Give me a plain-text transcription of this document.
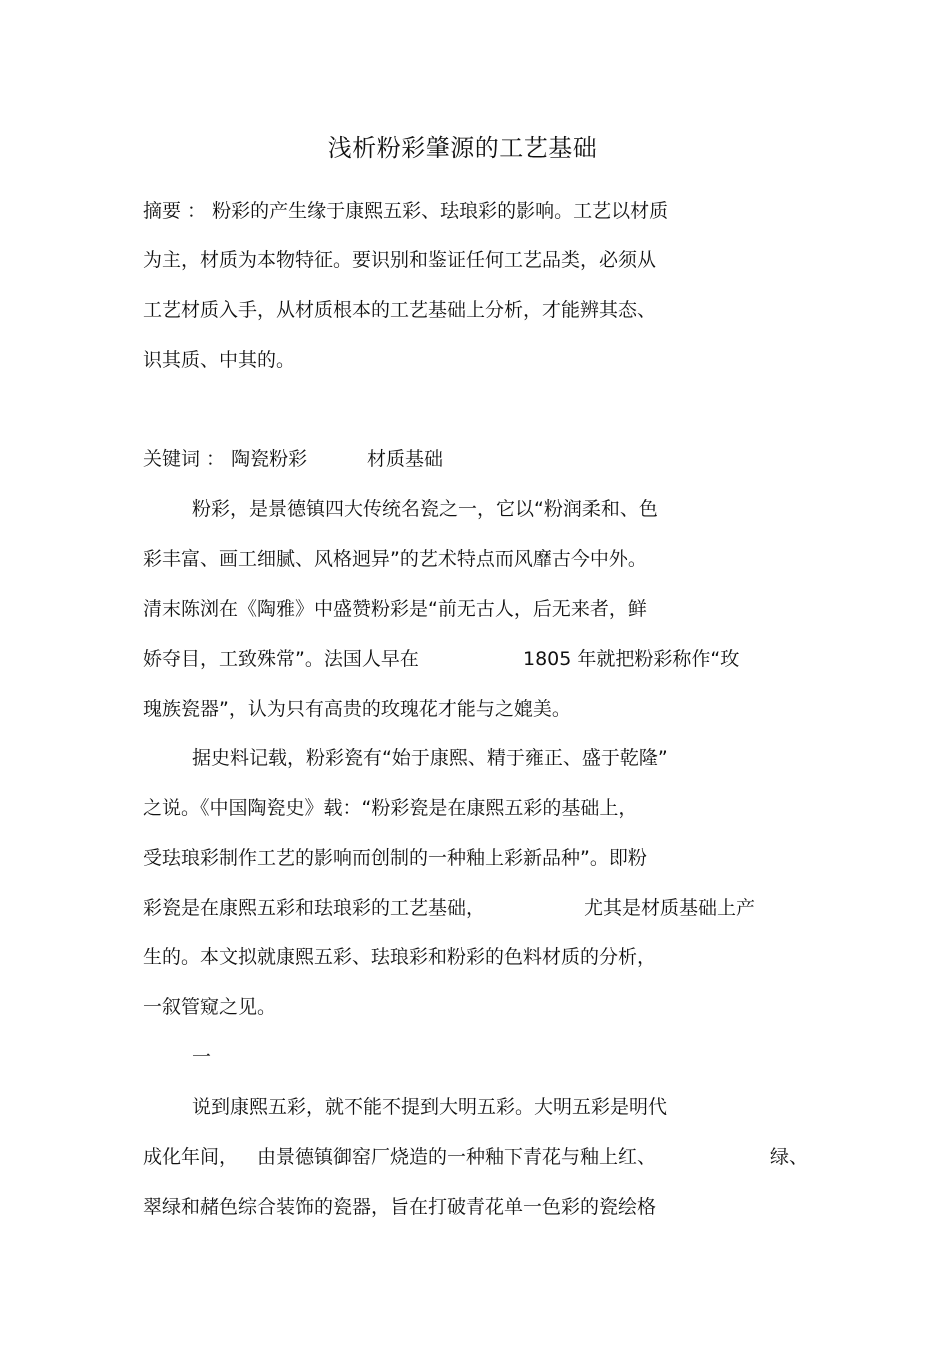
浅析粉彩肇源的工艺基础
摘要 ： 粉彩的产生缘于康熙五彩、珐琅彩的影响。工艺以材质
为主，材质为本物特征。要识别和鉴证任何工艺品类，必须从
工艺材质入手，从材质根本的工艺基础上分析，才能辨其态、
识其质、中其的。
关键词 ： 陶瓷粉彩	材质基础
粉彩，是景德镇四大传统名瓷之一，它以“粉润柔和、色
彩丰富、画工细腻、风格迥异”的艺术特点而风靡古今中外。
清末陈浏在《陶雅》中盛赞粉彩是“前无古人，后无来者，鲜
娇夺目，工致殊常”。法国人早在	1805 年就把粉彩称作“玫
瑰族瓷器”，认为只有高贵的玫瑰花才能与之媲美。
据史料记载，粉彩瓷有“始于康熙、精于雍正、盛于乾隆”
之说。《中国陶瓷史》载：“粉彩瓷是在康熙五彩的基础上，
受珐琅彩制作工艺的影响而创制的一种釉上彩新品种”。即粉
彩瓷是在康熙五彩和珐琅彩的工艺基础，	尤其是材质基础上产
生的。本文拟就康熙五彩、珐琅彩和粉彩的色料材质的分析，
一叙管窥之见。
一
说到康熙五彩，就不能不提到大明五彩。大明五彩是明代
成化年间， 由景德镇御窑厂烧造的一种釉下青花与釉上红、	绿、
翠绿和赭色综合装饰的瓷器，旨在打破青花单一色彩的瓷绘格
